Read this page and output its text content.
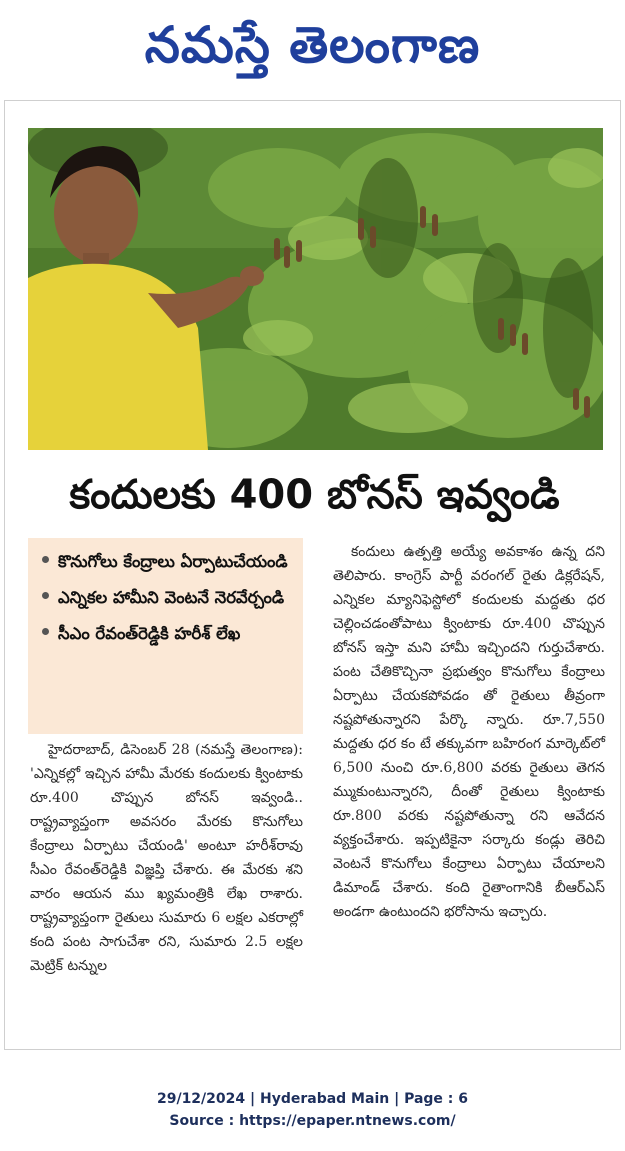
నమస్తే తెలంగాణ
కందులకు 400 బోనస్ ఇవ్వండి
కొనుగోలు కేంద్రాలు ఏర్పాటుచేయండి
ఎన్నికల హామీని వెంటనే నెరవేర్చండి
సీఎం రేవంత్‌రెడ్డికి హరీశ్ లేఖ

హైదరాబాద్, డిసెంబర్ 28 (నమస్తే తెలంగాణ): 'ఎన్నికల్లో ఇచ్చిన హామీ మేరకు కందులకు క్వింటాకు రూ.400 చొప్పున బోనస్ ఇవ్వండి.. రాష్ట్రవ్యాప్తంగా అవసరం మేరకు కొనుగోలు కేంద్రాలు ఏర్పాటు చేయండి' అంటూ హరీశ్‌రావు సీఎం రేవంత్‌రెడ్డికి విజ్ఞప్తి చేశారు. ఈ మేరకు శని వారం ఆయన ము ఖ్యమంత్రికి లేఖ రాశారు. రాష్ట్రవ్యాప్తంగా రైతులు సుమారు 6 లక్షల ఎకరాల్లో కంది పంట సాగుచేశా రని, సుమారు 2.5 లక్షల మెట్రిక్ టన్నుల

కందులు ఉత్పత్తి అయ్యే అవకాశం ఉన్న దని తెలిపారు. కాంగ్రెస్ పార్టీ వరంగల్ రైతు డిక్లరేషన్, ఎన్నికల మ్యానిఫెస్టోలో కందులకు మద్దతు ధర చెల్లించడంతోపాటు క్వింటాకు రూ.400 చొప్పున బోనస్ ఇస్తా మని హామీ ఇచ్చిందని గుర్తుచేశారు. పంట చేతికొచ్చినా ప్రభుత్వం కొనుగోలు కేంద్రాలు ఏర్పాటు చేయకపోవడం తో రైతులు తీవ్రంగా నష్టపోతున్నారని పేర్కొ న్నారు. రూ.7,550 మద్దతు ధర కం టే తక్కువగా బహిరంగ మార్కెట్‌లో 6,500 నుంచి రూ.6,800 వరకు రైతులు తెగన మ్ముకుంటున్నారని, దీంతో రైతులు క్వింటాకు రూ.800 వరకు నష్టపోతున్నా రని ఆవేదన వ్యక్తంచేశారు. ఇప్పటికైనా సర్కారు కండ్లు తెరిచి వెంటనే కొనుగోలు కేంద్రాలు ఏర్పాటు చేయాలని డిమాండ్ చేశారు. కంది రైతాంగానికి బీఆర్‌ఎస్ అండగా ఉంటుందని భరోసాను ఇచ్చారు.

29/12/2024 | Hyderabad Main | Page : 6
Source : https://epaper.ntnews.com/
